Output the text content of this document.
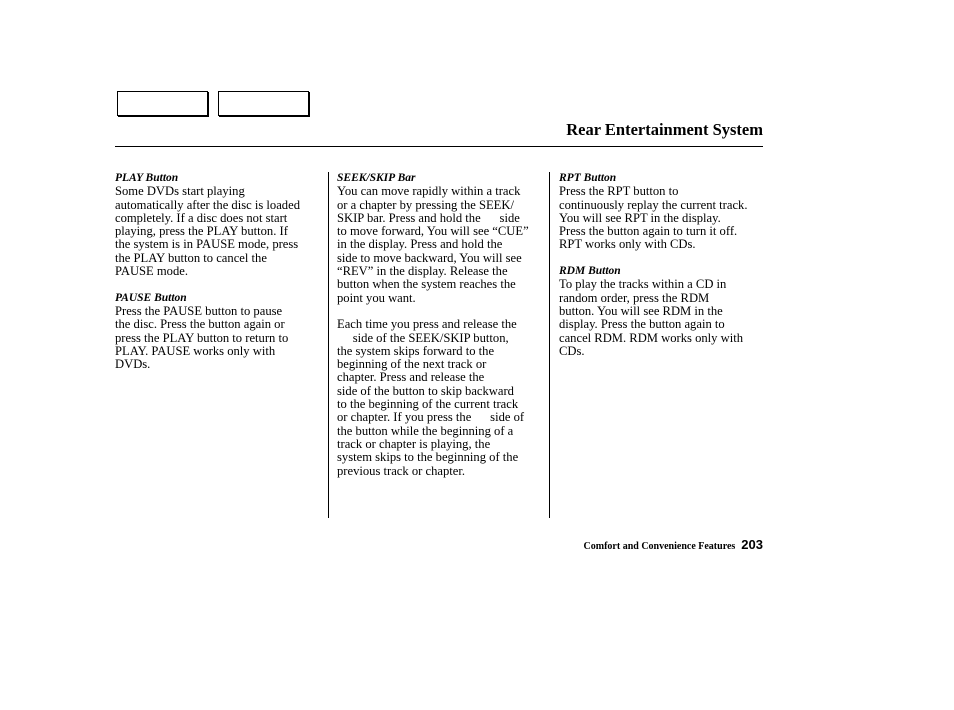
Rear Entertainment System
PLAY Button
Some DVDs start playing
automatically after the disc is loaded
completely. If a disc does not start
playing, press the PLAY button. If
the system is in PAUSE mode, press
the PLAY button to cancel the
PAUSE mode.
PAUSE Button
Press the PAUSE button to pause
the disc. Press the button again or
press the PLAY button to return to
PLAY. PAUSE works only with
DVDs.
SEEK/SKIP Bar
You can move rapidly within a track
or a chapter by pressing the SEEK/
SKIP bar. Press and hold the      side
to move forward, You will see “CUE”
in the display. Press and hold the
side to move backward, You will see
“REV” in the display. Release the
button when the system reaches the
point you want.
Each time you press and release the
side of the SEEK/SKIP button,
the system skips forward to the
beginning of the next track or
chapter. Press and release the
side of the button to skip backward
to the beginning of the current track
or chapter. If you press the      side of
the button while the beginning of a
track or chapter is playing, the
system skips to the beginning of the
previous track or chapter.
RPT Button
Press the RPT button to
continuously replay the current track.
You will see RPT in the display.
Press the button again to turn it off.
RPT works only with CDs.
RDM Button
To play the tracks within a CD in
random order, press the RDM
button. You will see RDM in the
display. Press the button again to
cancel RDM. RDM works only with
CDs.
Comfort and Convenience Features 203
